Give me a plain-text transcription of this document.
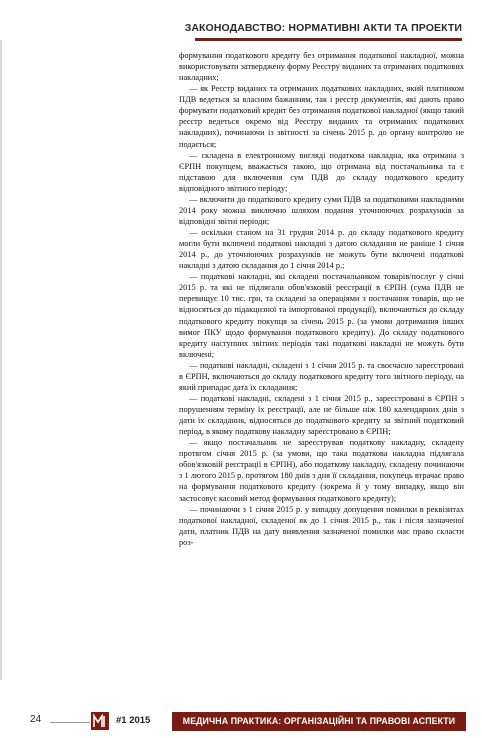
ЗАКОНОДАВСТВО: НОРМАТИВНІ АКТИ ТА ПРОЕКТИ

формування податкового кредиту без отримання податкової накладної, можна використовувати затверджену форму Реєстру виданих та отриманих податкових накладних;

— як Реєстр виданих та отриманих податкових накладних, який платником ПДВ ведеться за власним бажанням, так і реєстр документів, які дають право формувати податковий кредит без отримання податкової накладної (якщо такий реєстр ведеться окремо від Реєстру виданих та отриманих податкових накладних), починаючи із звітності за січень 2015 р. до органу контролю не подається;

— складена в електронному вигляді податкова накладна, яка отримана з ЄРПН покупцем, вважається такою, що отримана від постачальника та є підставою для включення сум ПДВ до складу податкового кредиту відповідного звітного періоду;

— включити до податкового кредиту суми ПДВ за податковими накладними 2014 року можна виключно шляхом подання уточнюючих розрахунків за відповідні звітні періоди;

— оскільки станом на 31 грудня 2014 р. до складу податкового кредиту могли бути включені податкові накладні з датою складання не раніше 1 січня 2014 р., до уточнюючих розрахунків не можуть бути включені податкові накладні з датою складання до 1 січня 2014 р.;

— податкові накладні, які складені постачальником товарів/послуг у січні 2015 р. та які не підлягали обов'язковій реєстрації в ЄРПН (сума ПДВ не перевищує 10 тис. грн, та складені за операціями з постачання товарів, що не відносяться до підакцизної та імпортованої продукції), включаються до складу податкового кредиту покупця за січень 2015 р. (за умови дотримання інших вимог ПКУ щодо формування податкового кредиту). До складу податкового кредиту наступних звітних періодів такі податкові накладні не можуть бути включені;

— податкові накладні, складені з 1 січня 2015 р. та своєчасно зареєстровані в ЄРПН, включаються до складу податкового кредиту того звітного періоду, на який припадає дата їх складання;

— податкові накладні, складені з 1 січня 2015 р., зареєстровані в ЄРПН з порушенням терміну їх реєстрації, але не більше ніж 180 календарних днів з дати їх складання, відносяться до податкового кредиту за звітний податковий період, в якому податкову накладну зареєстровано в ЄРПН;

— якщо постачальник не зареєстрував податкову накладну, складену протягом січня 2015 р. (за умови, що така податкова накладна підлягала обов'язковій реєстрації в ЄРПН), або податкову накладну, складену починаючи з 1 лютого 2015 р. протягом 180 днів з дня її складання, покупець втрачає право на формування податкового кредиту (зокрема й у тому випадку, якщо він застосовує касовий метод формування податкового кредиту);

— починаючи з 1 січня 2015 р. у випадку допущення помилки в реквізитах податкової накладної, складеної як до 1 січня 2015 р., так і після зазначеної дати, платник ПДВ на дату виявлення зазначеної помилки має право скласти роз-

24	#1 2015	МЕДИЧНА ПРАКТИКА: ОРГАНІЗАЦІЙНІ ТА ПРАВОВІ АСПЕКТИ
